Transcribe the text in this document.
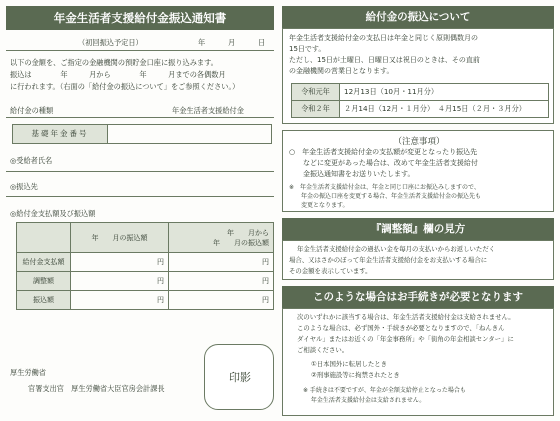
年金生活者支援給付金振込通知書
（初回振込予定日）	年	月	日
以下の金額を、ご指定の金融機関の預貯金口座に振り込みます。
振込は　　　　年　　　月から　　　　年　　　月までの各偶数月
に行われます。（右面の「給付金の振込について」をご参照ください。）
給付金の種類	年金生活者支援給付金
基礎年金番号
◎受給者氏名
◎振込先
◎給付金支払額及び振込額
	年　　月の振込額	年　　月から
年　　月の振込額

給付金支払額	円	円
調整額	円	円
振込額	円	円
厚生労働省
官署支出官　厚生労働省大臣官房会計課長
印影
給付金の振込について
年金生活者支援給付金の支払日は年金と同じく原則偶数月の
15日です。
ただし、15日が土曜日、日曜日又は祝日のときは、その直前
の金融機関の営業日となります。
令和元年	12月13日（10月・11月分）
令和２年	２月14日（12月・１月分）　４月15日（２月・３月分）
（注意事項）
○　年金生活者支援給付金の支払額が変更となったり振込先
　　などに変更があった場合は、改めて年金生活者支援給付
　　金振込通知書をお送りいたします。
※　年金生活者支援給付金は、年金と同じ口座にお振込みしますので、
　　年金の振込口座を変更する場合、年金生活者支援給付金の振込先も
　　変更となります。
『調整額』欄の見方
年金生活者支援給付金の過払い金を毎月の支払いからお返しいただく
場合、又はさかのぼって年金生活者支援給付金をお支払いする場合に
その金額を表示しています。
このような場合はお手続きが必要となります
次のいずれかに該当する場合は、年金生活者支援給付金は支給されません。
このような場合は、必ず国外・手続きが必要となりますので、「ねんきん
ダイヤル」またはお近くの「年金事務所」や「街角の年金相談センター」に
ご相談ください。
①日本国外に転居したとき
②刑事施設等に拘禁されたとき
※ 手続きは不要ですが、年金が全額支給停止となった場合も
　 年金生活者支援給付金は支給されません。
